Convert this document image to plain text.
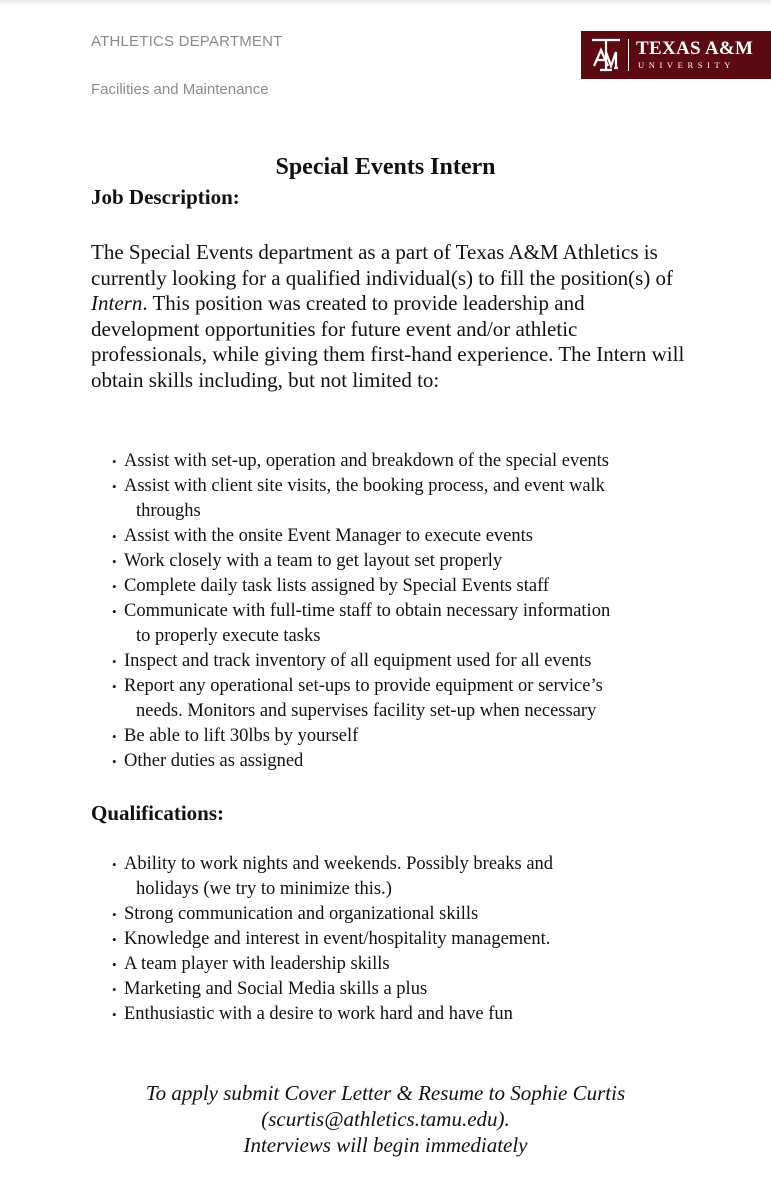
ATHLETICS DEPARTMENT
Facilities and Maintenance
TEXAS A&M
UNIVERSITY
Special Events Intern
Job Description:

The Special Events department as a part of Texas A&M Athletics is currently looking for a qualified individual(s) to fill the position(s) of Intern. This position was created to provide leadership and development opportunities for future event and/or athletic professionals, while giving them first-hand experience. The Intern will obtain skills including, but not limited to:

• Assist with set-up, operation and breakdown of the special events
• Assist with client site visits, the booking process, and event walk
throughs
• Assist with the onsite Event Manager to execute events
• Work closely with a team to get layout set properly
• Complete daily task lists assigned by Special Events staff
• Communicate with full-time staff to obtain necessary information
to properly execute tasks
• Inspect and track inventory of all equipment used for all events
• Report any operational set-ups to provide equipment or service’s
needs. Monitors and supervises facility set-up when necessary
• Be able to lift 30lbs by yourself
• Other duties as assigned
Qualifications:
• Ability to work nights and weekends. Possibly breaks and
holidays (we try to minimize this.)
• Strong communication and organizational skills
• Knowledge and interest in event/hospitality management.
• A team player with leadership skills
• Marketing and Social Media skills a plus
• Enthusiastic with a desire to work hard and have fun
To apply submit Cover Letter & Resume to Sophie Curtis
(scurtis@athletics.tamu.edu).
Interviews will begin immediately
